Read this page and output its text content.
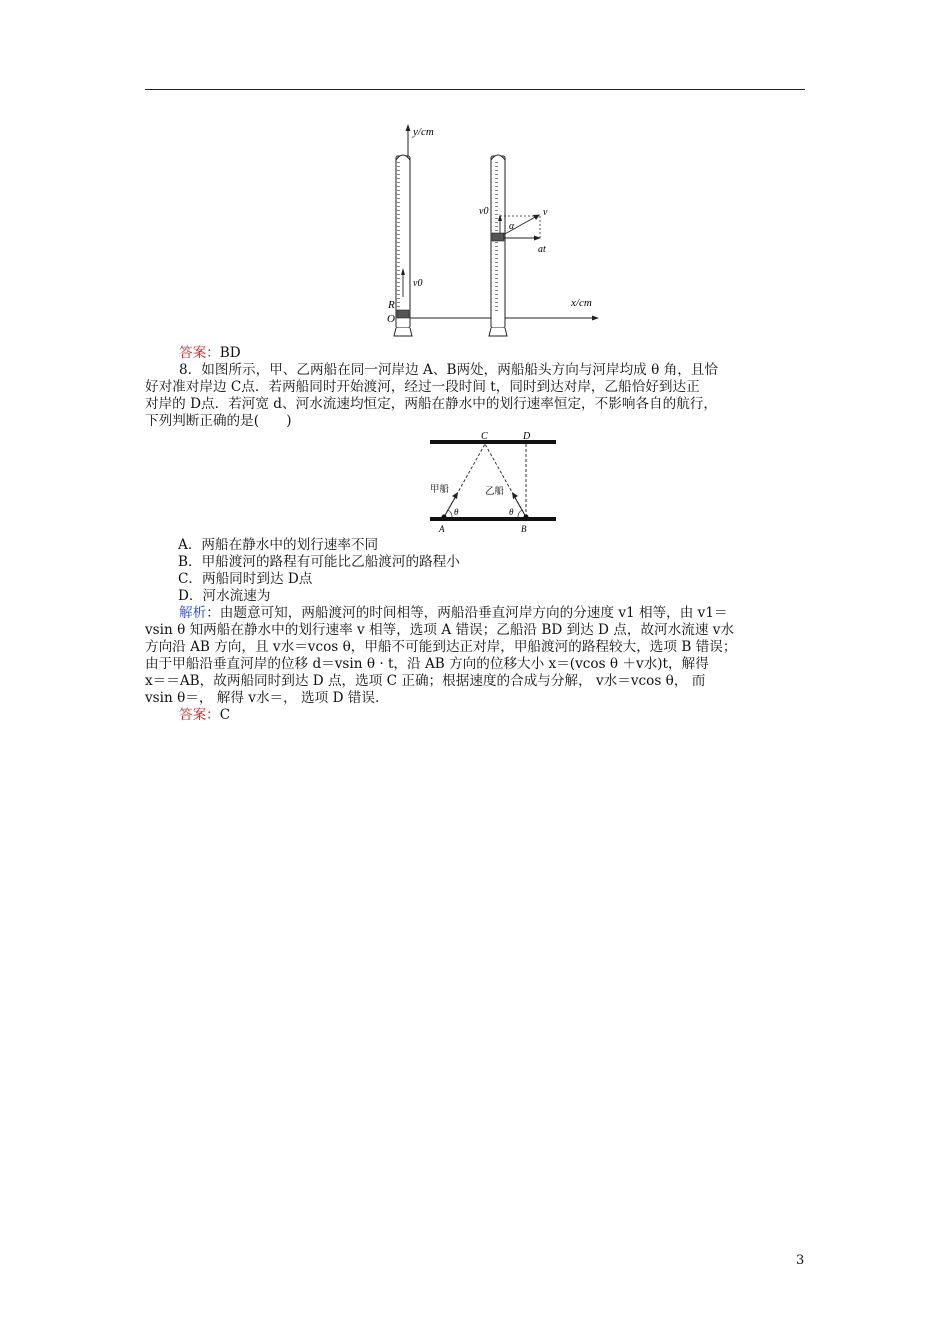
y/cm
x/cm
v0
R
O
v0	v
α
at
答案：BD
8．如图所示，甲、乙两船在同一河岸边 A、B两处，两船船头方向与河岸均成 θ 角，且恰
好对准对岸边 C点．若两船同时开始渡河，经过一段时间 t，同时到达对岸，乙船恰好到达正
对岸的 D点．若河宽 d、河水流速均恒定，两船在静水中的划行速率恒定，不影响各自的航行，
下列判断正确的是(　　)
C	D
甲船	乙船
θ	θ
A	B
A．两船在静水中的划行速率不同
B．甲船渡河的路程有可能比乙船渡河的路程小
C．两船同时到达 D点
D．河水流速为
解析：由题意可知，两船渡河的时间相等，两船沿垂直河岸方向的分速度 v1 相等，由 v1＝
vsin θ 知两船在静水中的划行速率 v 相等，选项 A 错误；乙船沿 BD 到达 D 点，故河水流速 v水
方向沿 AB 方向，且 v水＝vcos θ，甲船不可能到达正对岸，甲船渡河的路程较大，选项 B 错误；
由于甲船沿垂直河岸的位移 d＝vsin θ · t，沿 AB 方向的位移大小 x＝(vcos θ ＋v水)t，解得
x＝＝AB，故两船同时到达 D 点，选项 C 正确；根据速度的合成与分解， v水＝vcos θ， 而
vsin θ＝， 解得 v水＝， 选项 D 错误.
答案：C
3
